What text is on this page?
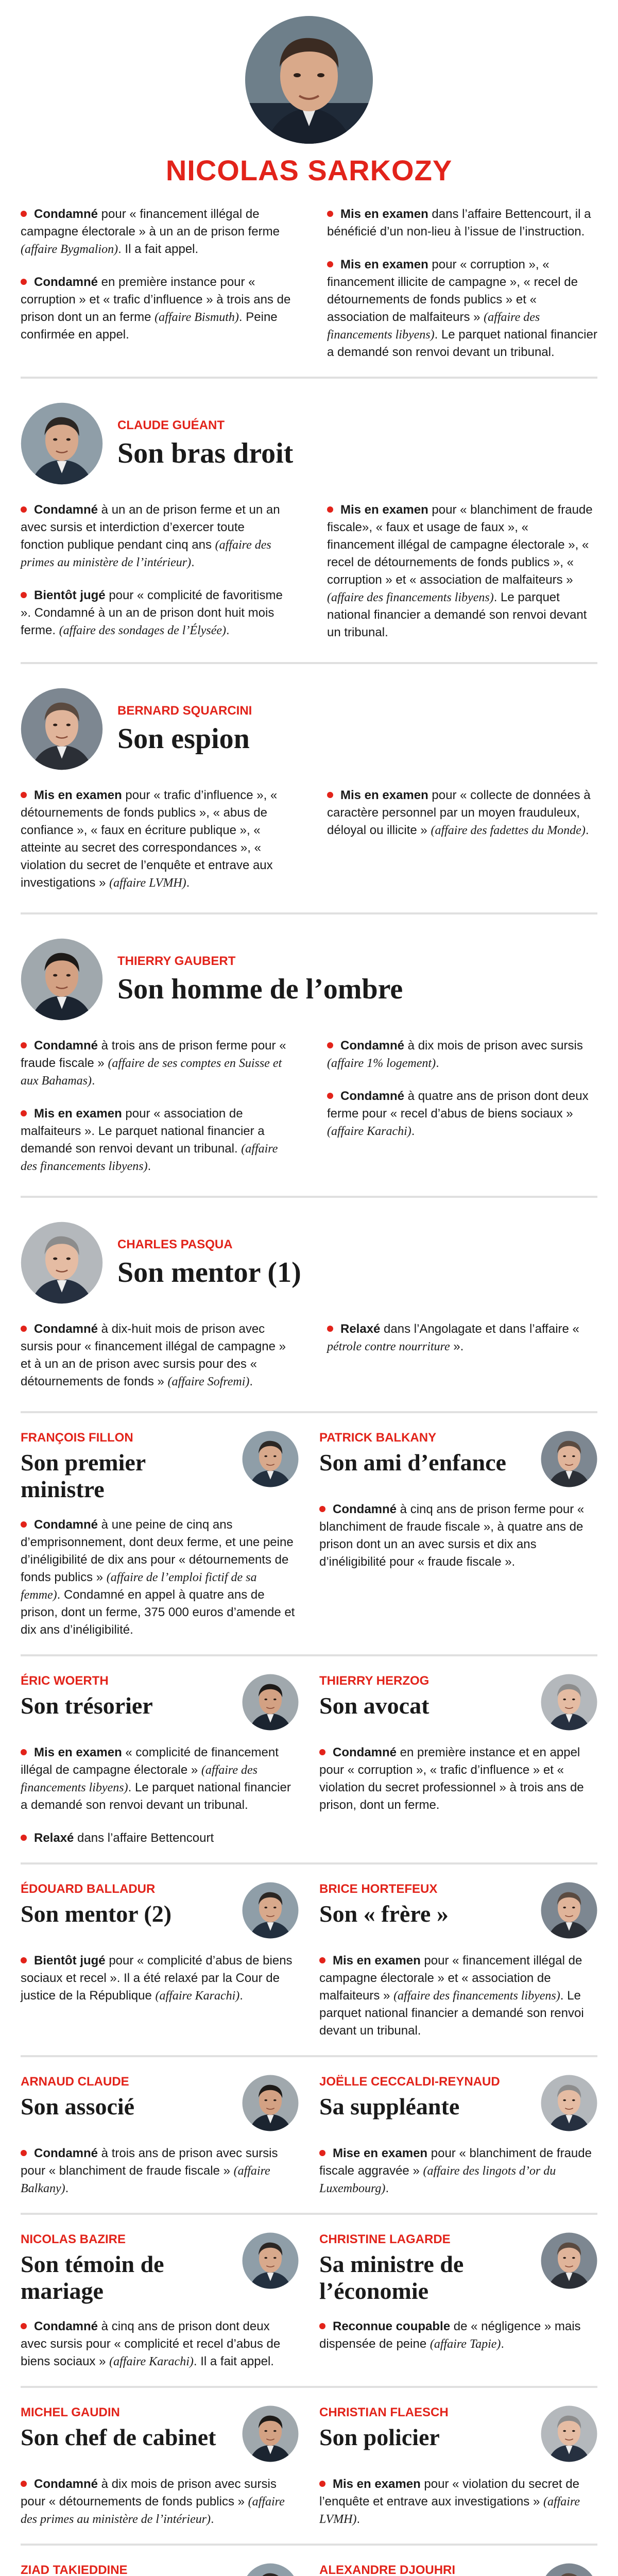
NICOLAS SARKOZY

Condamné pour « financement illégal de campagne électorale » à un an de prison ferme (affaire Bygmalion). Il a fait appel.

Condamné en première instance pour « corruption » et « trafic d’influence » à trois ans de prison dont un an ferme (affaire Bismuth). Peine confirmée en appel.

Mis en examen dans l’affaire Bettencourt, il a bénéficié d’un non-lieu à l’issue de l’instruction.

Mis en examen pour « corruption », « financement illicite de campagne », « recel de détournements de fonds publics » et « association de malfaiteurs » (affaire des financements libyens). Le parquet national financier a demandé son renvoi devant un tribunal.

CLAUDE GUÉANT
Son bras droit

Condamné à un an de prison ferme et un an avec sursis et interdiction d’exercer toute fonction publique pendant cinq ans (affaire des primes au ministère de l’intérieur).

Bientôt jugé pour « complicité de favoritisme ». Condamné à un an de prison dont huit mois ferme. (affaire des sondages de l’Élysée).

Mis en examen pour « blanchiment de fraude fiscale», « faux et usage de faux », « financement illégal de campagne électorale », « recel de détournements de fonds publics », « corruption » et « association de malfaiteurs » (affaire des financements libyens). Le parquet national financier a demandé son renvoi devant un tribunal.

BERNARD SQUARCINI
Son espion

Mis en examen pour « trafic d’influence », « détournements de fonds publics », « abus de confiance », « faux en écriture publique », « atteinte au secret des correspondances », « violation du secret de l’enquête et entrave aux investigations » (affaire LVMH).

Mis en examen pour « collecte de données à caractère personnel par un moyen frauduleux, déloyal ou illicite » (affaire des fadettes du Monde).

THIERRY GAUBERT
Son homme de l’ombre

Condamné à trois ans de prison ferme pour « fraude fiscale » (affaire de ses comptes en Suisse et aux Bahamas).

Mis en examen pour « association de malfaiteurs ». Le parquet national financier a demandé son renvoi devant un tribunal. (affaire des financements libyens).

Condamné à dix mois de prison avec sursis (affaire 1% logement).

Condamné à quatre ans de prison dont deux ferme pour « recel d’abus de biens sociaux » (affaire Karachi).

CHARLES PASQUA
Son mentor (1)

Condamné à dix-huit mois de prison avec sursis pour « financement illégal de campagne » et à un an de prison avec sursis pour des « détournements de fonds » (affaire Sofremi).

Relaxé dans l’Angolagate et dans l’affaire « pétrole contre nourriture ».

FRANÇOIS FILLON
Son premier ministre

Condamné à une peine de cinq ans d’emprisonnement, dont deux ferme, et une peine d’inéligibilité de dix ans pour « détournements de fonds publics » (affaire de l’emploi fictif de sa femme). Condamné en appel à quatre ans de prison, dont un ferme, 375 000 euros d’amende et dix ans d’inéligibilité.

PATRICK BALKANY
Son ami d’enfance

Condamné à cinq ans de prison ferme pour « blanchiment de fraude fiscale », à quatre ans de prison dont un an avec sursis et dix ans d’inéligibilité pour « fraude fiscale ».

ÉRIC WOERTH
Son trésorier

Mis en examen « complicité de financement illégal de campagne électorale » (affaire des financements libyens). Le parquet national financier a demandé son renvoi devant un tribunal.

Relaxé dans l’affaire Bettencourt

THIERRY HERZOG
Son avocat

Condamné en première instance et en appel pour « corruption », « trafic d’influence » et « violation du secret professionnel » à trois ans de prison, dont un ferme.

ÉDOUARD BALLADUR
Son mentor (2)

Bientôt jugé pour « complicité d’abus de biens sociaux et recel ». Il a été relaxé par la Cour de justice de la République (affaire Karachi).

BRICE HORTEFEUX
Son « frère »

Mis en examen pour « financement illégal de campagne électorale » et « association de malfaiteurs » (affaire des financements libyens). Le parquet national financier a demandé son renvoi devant un tribunal.

ARNAUD CLAUDE
Son associé

Condamné à trois ans de prison avec sursis pour « blanchiment de fraude fiscale » (affaire Balkany).

JOËLLE CECCALDI-REYNAUD
Sa suppléante

Mise en examen pour « blanchiment de fraude fiscale aggravée » (affaire des lingots d’or du Luxembourg).

NICOLAS BAZIRE
Son témoin de mariage

Condamné à cinq ans de prison dont deux avec sursis pour « complicité et recel d’abus de biens sociaux » (affaire Karachi). Il a fait appel.

CHRISTINE LAGARDE
Sa ministre de l’économie

Reconnue coupable de « négligence » mais dispensée de peine (affaire Tapie).

MICHEL GAUDIN
Son chef de cabinet

Condamné à dix mois de prison avec sursis pour « détournements de fonds publics » (affaire des primes au ministère de l’intérieur).

CHRISTIAN FLAESCH
Son policier

Mis en examen pour « violation du secret de l’enquête et entrave aux investigations » (affaire LVMH).

ZIAD TAKIEDDINE	ALEXANDRE DJOUHRI
